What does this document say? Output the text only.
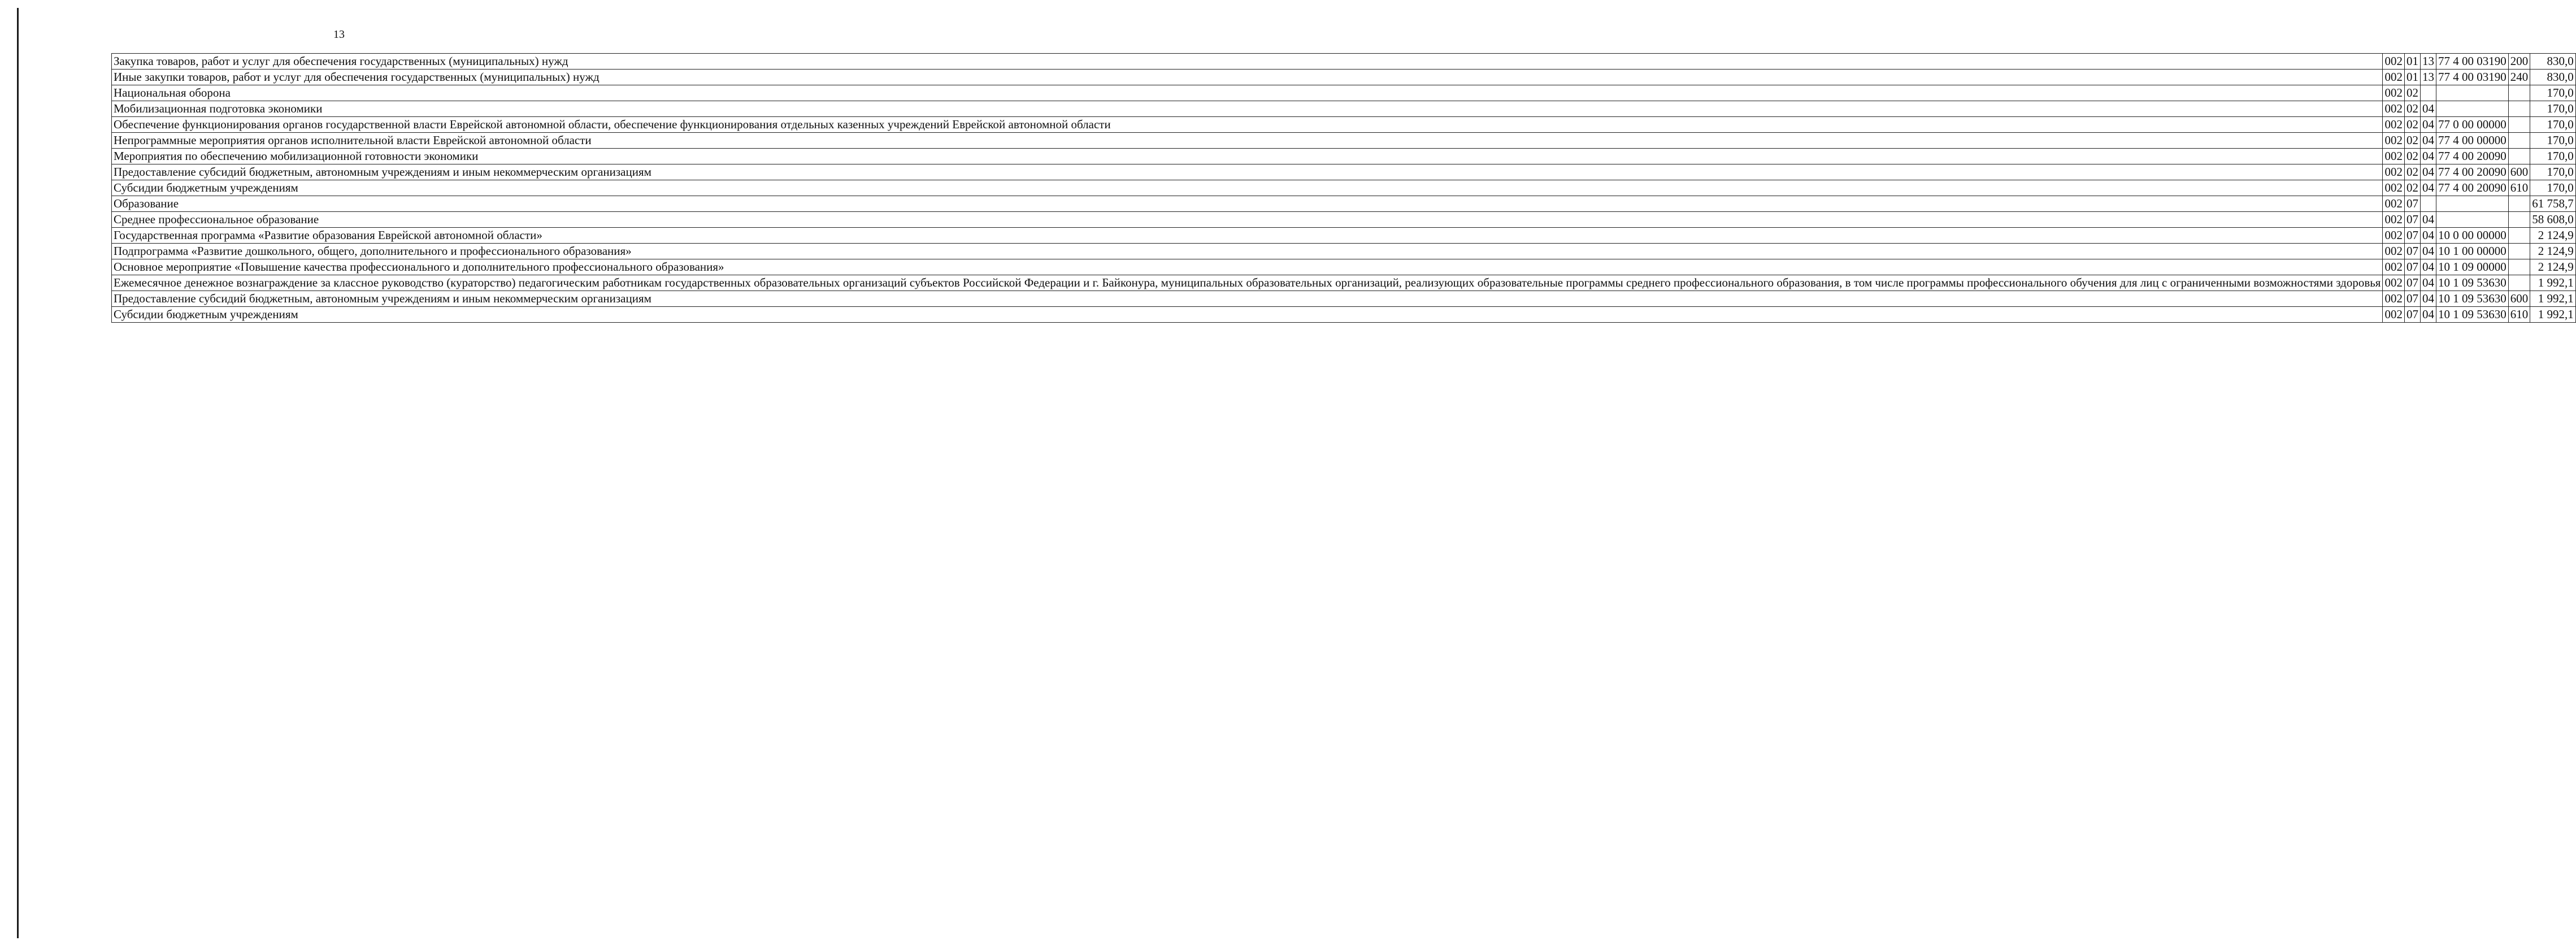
13
Закупка товаров, работ и услуг для обеспечения государственных (муниципальных) нужд	002	01	13	77 4 00 03190	200	830,0
Иные закупки товаров, работ и услуг для обеспечения государственных (муниципальных) нужд	002	01	13	77 4 00 03190	240	830,0
Национальная оборона	002	02				170,0
Мобилизационная подготовка экономики	002	02	04			170,0
Обеспечение функционирования органов государственной власти Еврейской автономной области, обеспечение функционирования отдельных казенных учреждений Еврейской автономной области	002	02	04	77 0 00 00000		170,0
Непрограммные мероприятия органов исполнительной власти Еврейской автономной области	002	02	04	77 4 00 00000		170,0
Мероприятия по обеспечению мобилизационной готовности экономики	002	02	04	77 4 00 20090		170,0
Предоставление субсидий бюджетным, автономным учреждениям и иным некоммерческим организациям	002	02	04	77 4 00 20090	600	170,0
Субсидии бюджетным учреждениям	002	02	04	77 4 00 20090	610	170,0
Образование	002	07				61 758,7
Среднее профессиональное образование	002	07	04			58 608,0
Государственная программа «Развитие образования Еврейской автономной области»	002	07	04	10 0 00 00000		2 124,9
Подпрограмма «Развитие дошкольного, общего, дополнительного и профессионального образования»	002	07	04	10 1 00 00000		2 124,9
Основное мероприятие «Повышение качества профессионального и дополнительного профессионального образования»	002	07	04	10 1 09 00000		2 124,9
Ежемесячное денежное вознаграждение за классное руководство (кураторство) педагогическим работникам государственных образовательных организаций субъектов Российской Федерации и г. Байконура, муниципальных образовательных организаций, реализующих образовательные программы среднего профессионального образования, в том числе программы профессионального обучения для лиц с ограниченными возможностями здоровья	002	07	04	10 1 09 53630		1 992,1
Предоставление субсидий бюджетным, автономным учреждениям и иным некоммерческим организациям	002	07	04	10 1 09 53630	600	1 992,1
Субсидии бюджетным учреждениям	002	07	04	10 1 09 53630	610	1 992,1
